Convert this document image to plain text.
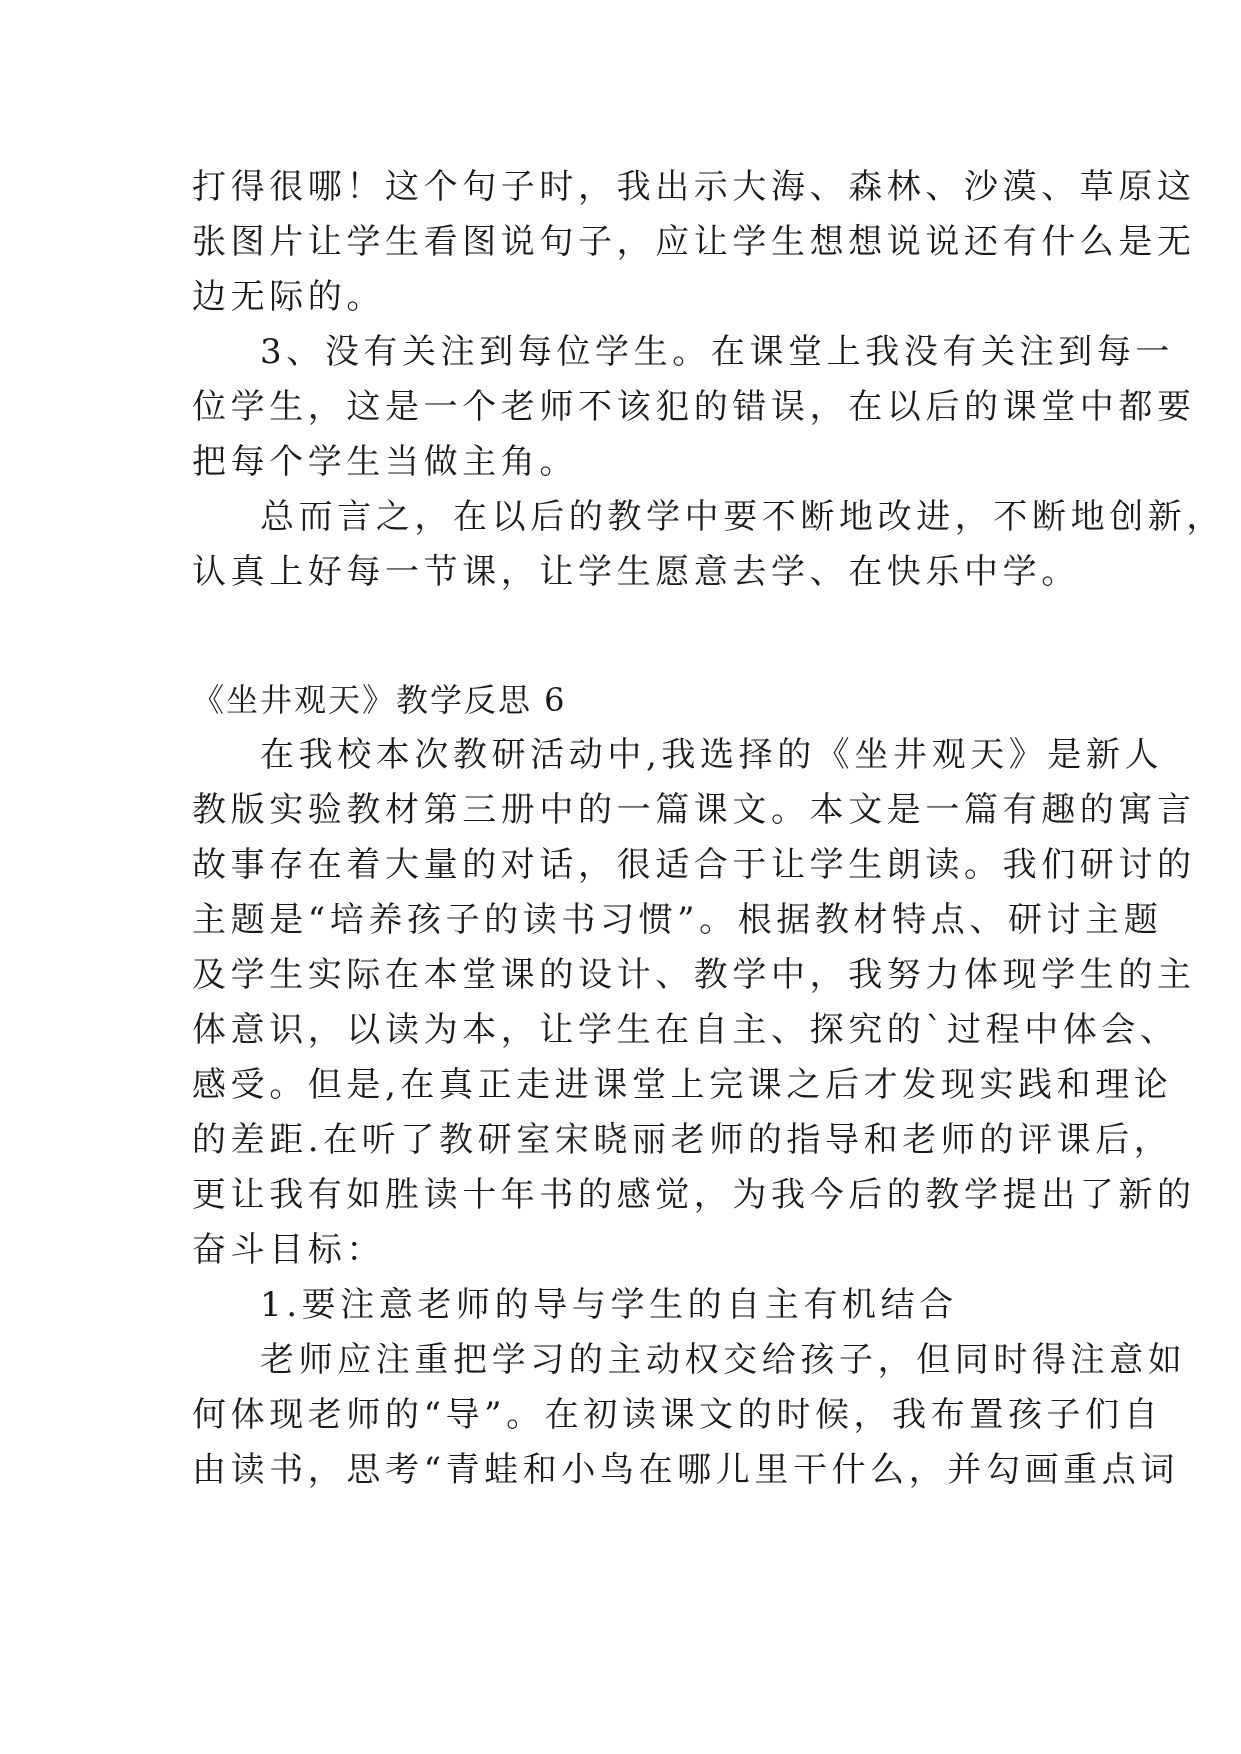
打得很哪！这个句子时，我出示大海、森林、沙漠、草原这
张图片让学生看图说句子，应让学生想想说说还有什么是无
边无际的。
3、没有关注到每位学生。在课堂上我没有关注到每一
位学生，这是一个老师不该犯的错误，在以后的课堂中都要
把每个学生当做主角。
总而言之，在以后的教学中要不断地改进，不断地创新，
认真上好每一节课，让学生愿意去学、在快乐中学。
《坐井观天》教学反思 6
在我校本次教研活动中,我选择的《坐井观天》是新人
教版实验教材第三册中的一篇课文。本文是一篇有趣的寓言
故事存在着大量的对话，很适合于让学生朗读。我们研讨的
主题是“培养孩子的读书习惯”。根据教材特点、研讨主题
及学生实际在本堂课的设计、教学中，我努力体现学生的主
体意识，以读为本，让学生在自主、探究的`过程中体会、
感受。但是,在真正走进课堂上完课之后才发现实践和理论
的差距.在听了教研室宋晓丽老师的指导和老师的评课后，
更让我有如胜读十年书的感觉，为我今后的教学提出了新的
奋斗目标：
1.要注意老师的导与学生的自主有机结合
老师应注重把学习的主动权交给孩子，但同时得注意如
何体现老师的“导”。在初读课文的时候，我布置孩子们自
由读书，思考“青蛙和小鸟在哪儿里干什么，并勾画重点词
